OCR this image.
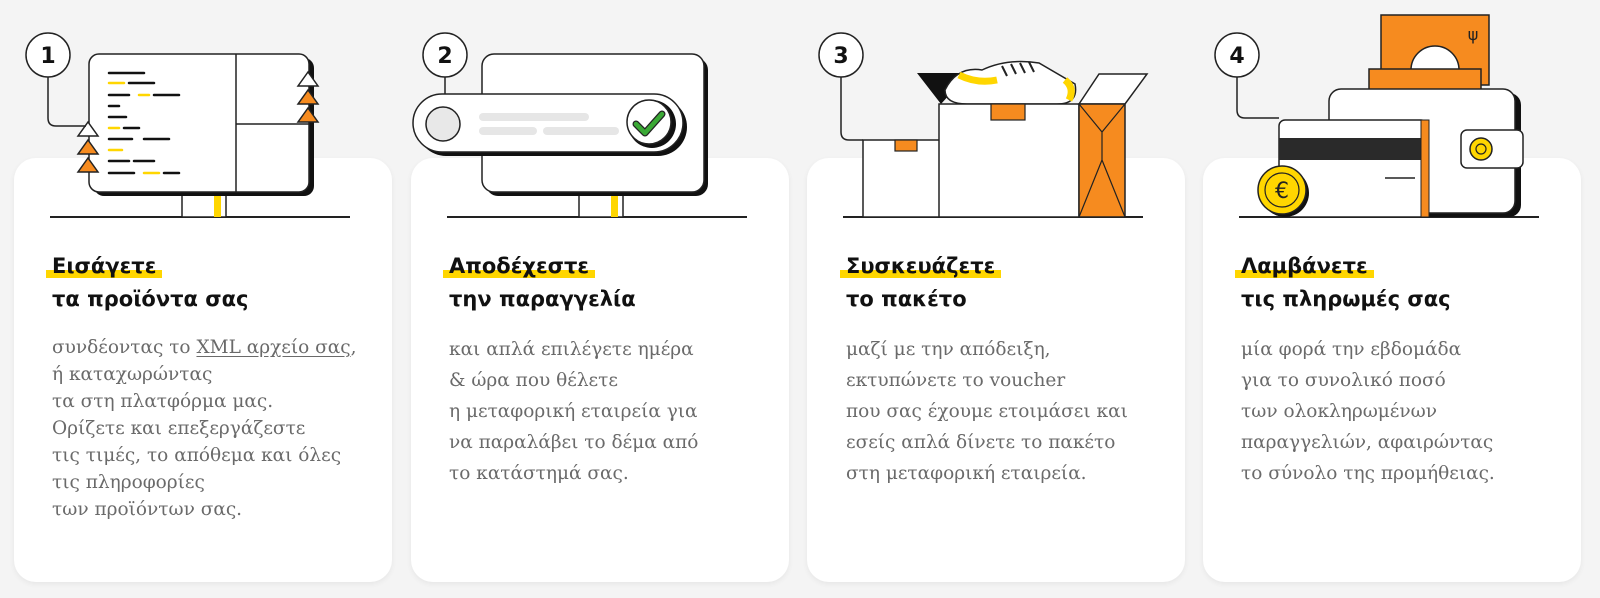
1
Εισάγετε
τα προϊόντα σας

συνδέοντας το XML αρχείο σας, ή καταχωρώντας
τα στη πλατφόρμα μας.
Ορίζετε και επεξεργάζεστε
τις τιμές, το απόθεμα και όλες
τις πληροφορίες
των προϊόντων σας.

2
Αποδέχεστε
την παραγγελία

και απλά επιλέγετε ημέρα
& ώρα που θέλετε
η μεταφορική εταιρεία για
να παραλάβει το δέμα από
το κατάστημά σας.

3
Συσκευάζετε
το πακέτο

μαζί με την απόδειξη,
εκτυπώνετε το voucher
που σας έχουμε ετοιμάσει και
εσείς απλά δίνετε το πακέτο
στη μεταφορική εταιρεία.

ψ
€
4
Λαμβάνετε
τις πληρωμές σας

μία φορά την εβδομάδα
για το συνολικό ποσό
των ολοκληρωμένων
παραγγελιών, αφαιρώντας
το σύνολο της προμήθειας.
